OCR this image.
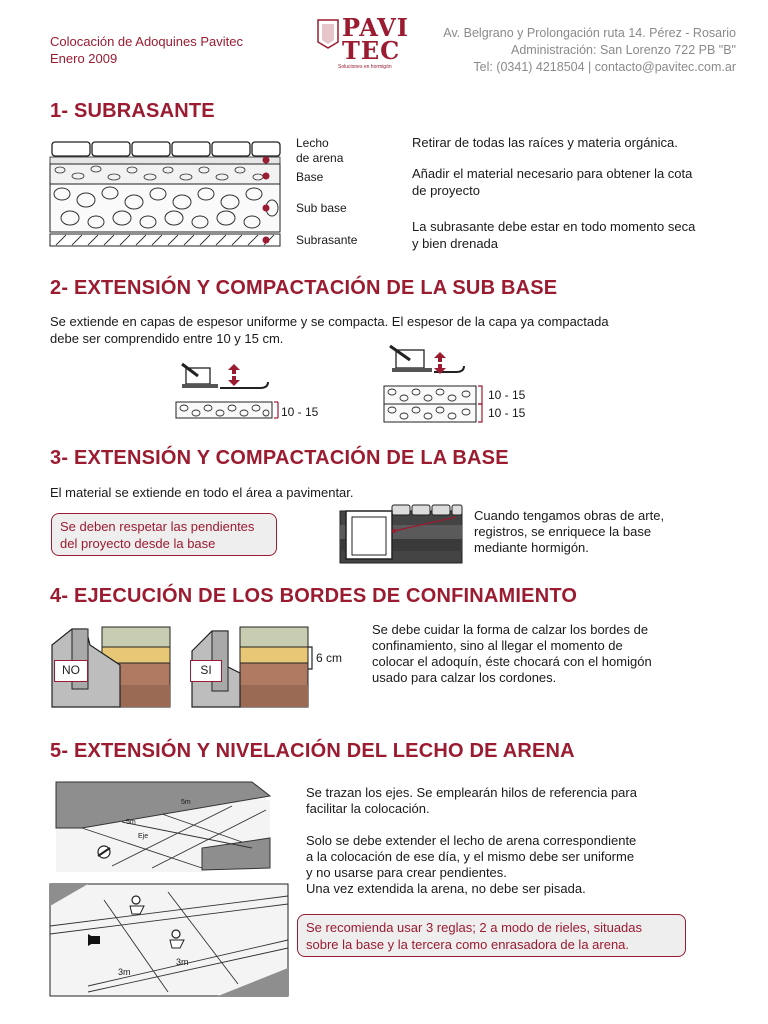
Colocación de Adoquines Pavitec
Enero 2009
PAVI
TEC
Soluciones en hormigón
Av. Belgrano y Prolongación ruta 14. Pérez - Rosario
Administración: San Lorenzo 722 PB "B"
Tel: (0341) 4218504 | contacto@pavitec.com.ar
1- SUBRASANTE
Lecho
de arena
Base
Sub base
Subrasante
Retirar de todas las raíces y materia orgánica.
Añadir el material necesario para obtener la cota
de proyecto
La subrasante debe estar en todo momento seca
y bien drenada
2- EXTENSIÓN Y COMPACTACIÓN DE LA SUB BASE
Se extiende en capas de espesor uniforme y se compacta. El espesor de la capa ya compactada
debe ser comprendido entre 10 y 15 cm.
10 - 15
10 - 15
10 - 15
3- EXTENSIÓN Y COMPACTACIÓN DE LA BASE
El material se extiende en todo el área a pavimentar.
Se deben respetar las pendientes
del proyecto desde la base
Cuando tengamos obras de arte,
registros, se enriquece la base
mediante hormigón.
4- EJECUCIÓN DE LOS BORDES DE CONFINAMIENTO
NO	SI
6 cm
Se debe cuidar la forma de calzar los bordes de
confinamiento, sino al llegar el momento de
colocar el adoquín, éste chocará con el homigón
usado para calzar los cordones.
5- EXTENSIÓN Y NIVELACIÓN DEL LECHO DE ARENA
5m
5m
Eje
3m
3m
Se trazan los ejes. Se emplearán hilos de referencia para
facilitar la colocación.
Solo se debe extender el lecho de arena correspondiente
a la colocación de ese día, y el mismo debe ser uniforme
y no usarse para crear pendientes.
Una vez extendida la arena, no debe ser pisada.
Se recomienda usar 3 reglas; 2 a modo de rieles, situadas
sobre la base y la tercera como enrasadora de la arena.
